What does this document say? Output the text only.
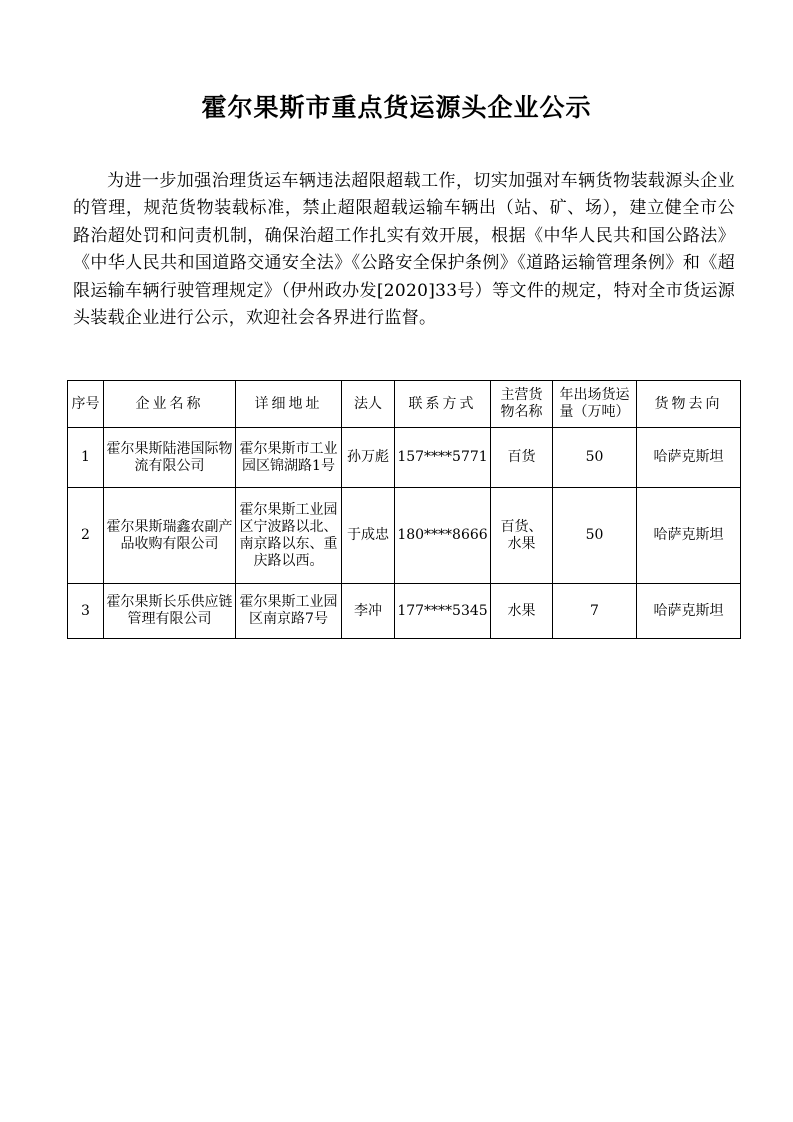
霍尔果斯市重点货运源头企业公示

为进一步加强治理货运车辆违法超限超载工作，切实加强对车辆货物装载源头企业的管理，规范货物装载标准，禁止超限超载运输车辆出（站、矿、场），建立健全市公路治超处罚和问责机制，确保治超工作扎实有效开展，根据《中华人民共和国公路法》《中华人民共和国道路交通安全法》《公路安全保护条例》《道路运输管理条例》和《超限运输车辆行驶管理规定》（伊州政办发[2020]33号）等文件的规定，特对全市货运源头装载企业进行公示，欢迎社会各界进行监督。

序号	企业名称	详细地址	法人	联系方式	主营货物名称	年出场货运量（万吨）	货物去向
1	霍尔果斯陆港国际物流有限公司	霍尔果斯市工业园区锦湖路1号	孙万彪	157****5771	百货	50	哈萨克斯坦
2	霍尔果斯瑞鑫农副产品收购有限公司	霍尔果斯工业园区宁波路以北、南京路以东、重庆路以西。	于成忠	180****8666	百货、水果	50	哈萨克斯坦
3	霍尔果斯长乐供应链管理有限公司	霍尔果斯工业园区南京路7号	李冲	177****5345	水果	7	哈萨克斯坦
